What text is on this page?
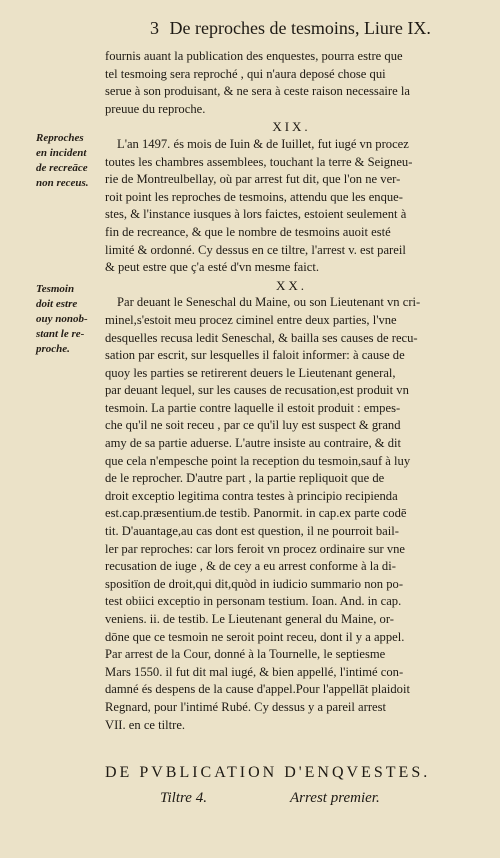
3 De reproches de tesmoins, Liure IX.
Reproches
en incident
de recreāce
non receus.
Tesmoin
doit estre
ouy nonob-
stant le re-
proche.
fournis auant la publication des enquestes, pourra estre que
tel tesmoing sera reproché , qui n'aura deposé chose qui
serue à son produisant, & ne sera à ceste raison necessaire la
preuue du reproche.
XIX.
L'an 1497. és mois de Iuin & de Iuillet, fut iugé vn procez
toutes les chambres assemblees, touchant la terre & Seigneu-
rie de Montreulbellay, où par arrest fut dit, que l'on ne ver-
roit point les reproches de tesmoins, attendu que les enque-
stes, & l'instance iusques à lors faictes, estoient seulement à
fin de recreance, & que le nombre de tesmoins auoit esté
limité & ordonné. Cy dessus en ce tiltre, l'arrest v. est pareil
& peut estre que ç'a esté d'vn mesme faict.
XX.
Par deuant le Seneschal du Maine, ou son Lieutenant vn cri-
minel,s'estoit meu procez ciminel entre deux parties, l'vne
desquelles recusa ledit Seneschal, & bailla ses causes de recu-
sation par escrit, sur lesquelles il faloit informer: à cause de
quoy les parties se retirerent deuers le Lieutenant general,
par deuant lequel, sur les causes de recusation,est produit vn
tesmoin. La partie contre laquelle il estoit produit : empes-
che qu'il ne soit receu , par ce qu'il luy est suspect & grand
amy de sa partie aduerse. L'autre insiste au contraire, & dit
que cela n'empesche point la reception du tesmoin,sauf à luy
de le reprocher. D'autre part , la partie repliquoit que de
droit exceptio legitima contra testes à principio recipienda
est.cap.præsentium.de testib. Panormit. in cap.ex parte codē
tit. D'auantage,au cas dont est question, il ne pourroit bail-
ler par reproches: car lors feroit vn procez ordinaire sur vne
recusation de iuge , & de cey a eu arrest conforme à la di-
spositïon de droit,qui dit,quòd in iudicio summario non po-
test obiici exceptio in personam testium. Ioan. And. in cap.
veniens. ii. de testib. Le Lieutenant general du Maine, or-
dōne que ce tesmoin ne seroit point receu, dont il y a appel.
Par arrest de la Cour, donné à la Tournelle, le septiesme
Mars 1550. il fut dit mal iugé, & bien appellé, l'intimé con-
damné és despens de la cause d'appel.Pour l'appellāt plaidoit
Regnard, pour l'intimé Rubé. Cy dessus y a pareil arrest
VII. en ce tiltre.
DE PVBLICATION D'ENQVESTES.
Tiltre 4.	Arrest premier.
